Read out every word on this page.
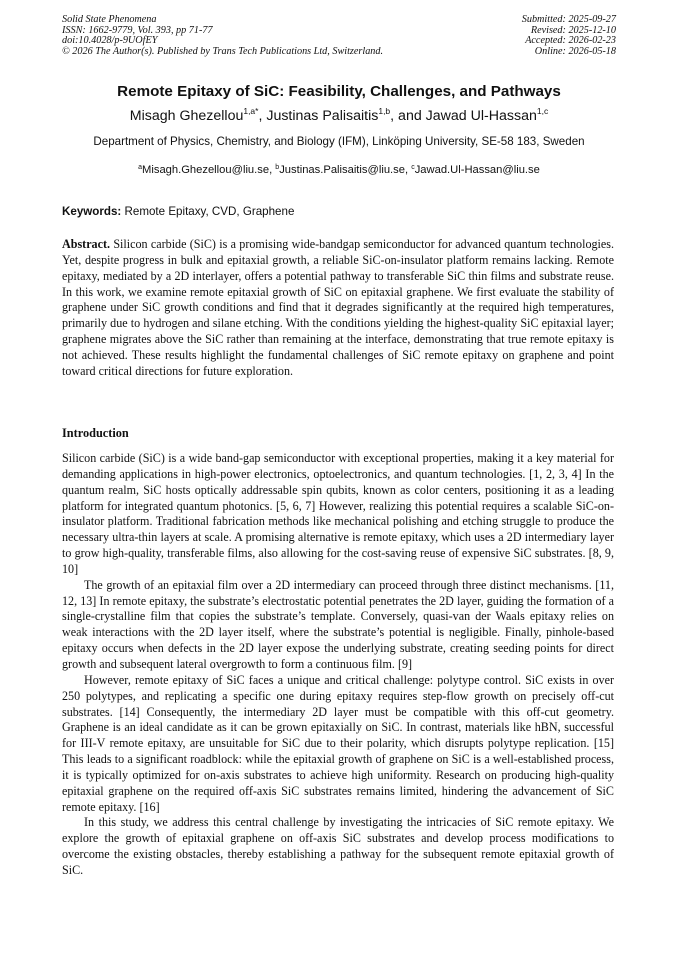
Solid State Phenomena
ISSN: 1662-9779, Vol. 393, pp 71-77
doi:10.4028/p-9UOfEY
© 2026 The Author(s). Published by Trans Tech Publications Ltd, Switzerland.
Submitted: 2025-09-27
Revised: 2025-12-10
Accepted: 2026-02-23
Online: 2026-05-18
Remote Epitaxy of SiC: Feasibility, Challenges, and Pathways
Misagh Ghezellou$^{1,a*}$, Justinas Palisaitis$^{1,b}$, and Jawad Ul-Hassan$^{1,c}$
Department of Physics, Chemistry, and Biology (IFM), Linköping University, SE-58 183, Sweden
$^a$Misagh.Ghezellou@liu.se, $^b$Justinas.Palisaitis@liu.se, $^c$Jawad.Ul-Hassan@liu.se
Keywords: Remote Epitaxy, CVD, Graphene

Abstract. Silicon carbide (SiC) is a promising wide-bandgap semiconductor for advanced quantum technologies. Yet, despite progress in bulk and epitaxial growth, a reliable SiC-on-insulator platform remains lacking. Remote epitaxy, mediated by a 2D interlayer, offers a potential pathway to transferable SiC thin films and substrate reuse. In this work, we examine remote epitaxial growth of SiC on epitaxial graphene. We first evaluate the stability of graphene under SiC growth conditions and find that it degrades significantly at the required high temperatures, primarily due to hydrogen and silane etching. With the conditions yielding the highest-quality SiC epitaxial layer; graphene migrates above the SiC rather than remaining at the interface, demonstrating that true remote epitaxy is not achieved. These results highlight the fundamental challenges of SiC remote epitaxy on graphene and point toward critical directions for future exploration.

Introduction

Silicon carbide (SiC) is a wide band-gap semiconductor with exceptional properties, making it a key material for demanding applications in high-power electronics, optoelectronics, and quantum technologies. [1, 2, 3, 4] In the quantum realm, SiC hosts optically addressable spin qubits, known as color centers, positioning it as a leading platform for integrated quantum photonics. [5, 6, 7] However, realizing this potential requires a scalable SiC-on-insulator platform. Traditional fabrication methods like mechanical polishing and etching struggle to produce the necessary ultra-thin layers at scale. A promising alternative is remote epitaxy, which uses a 2D intermediary layer to grow high-quality, transferable films, also allowing for the cost-saving reuse of expensive SiC substrates. [8, 9, 10]

The growth of an epitaxial film over a 2D intermediary can proceed through three distinct mechanisms. [11, 12, 13] In remote epitaxy, the substrate’s electrostatic potential penetrates the 2D layer, guiding the formation of a single-crystalline film that copies the substrate’s template. Conversely, quasi-van der Waals epitaxy relies on weak interactions with the 2D layer itself, where the substrate’s potential is negligible. Finally, pinhole-based epitaxy occurs when defects in the 2D layer expose the underlying substrate, creating seeding points for direct growth and subsequent lateral overgrowth to form a continuous film. [9]

However, remote epitaxy of SiC faces a unique and critical challenge: polytype control. SiC exists in over 250 polytypes, and replicating a specific one during epitaxy requires step-flow growth on precisely off-cut substrates. [14] Consequently, the intermediary 2D layer must be compatible with this off-cut geometry. Graphene is an ideal candidate as it can be grown epitaxially on SiC. In contrast, materials like hBN, successful for III-V remote epitaxy, are unsuitable for SiC due to their polarity, which disrupts polytype replication. [15] This leads to a significant roadblock: while the epitaxial growth of graphene on SiC is a well-established process, it is typically optimized for on-axis substrates to achieve high uniformity. Research on producing high-quality epitaxial graphene on the required off-axis SiC substrates remains limited, hindering the advancement of SiC remote epitaxy. [16]

In this study, we address this central challenge by investigating the intricacies of SiC remote epitaxy. We explore the growth of epitaxial graphene on off-axis SiC substrates and develop process modifications to overcome the existing obstacles, thereby establishing a pathway for the subsequent remote epitaxial growth of SiC.
